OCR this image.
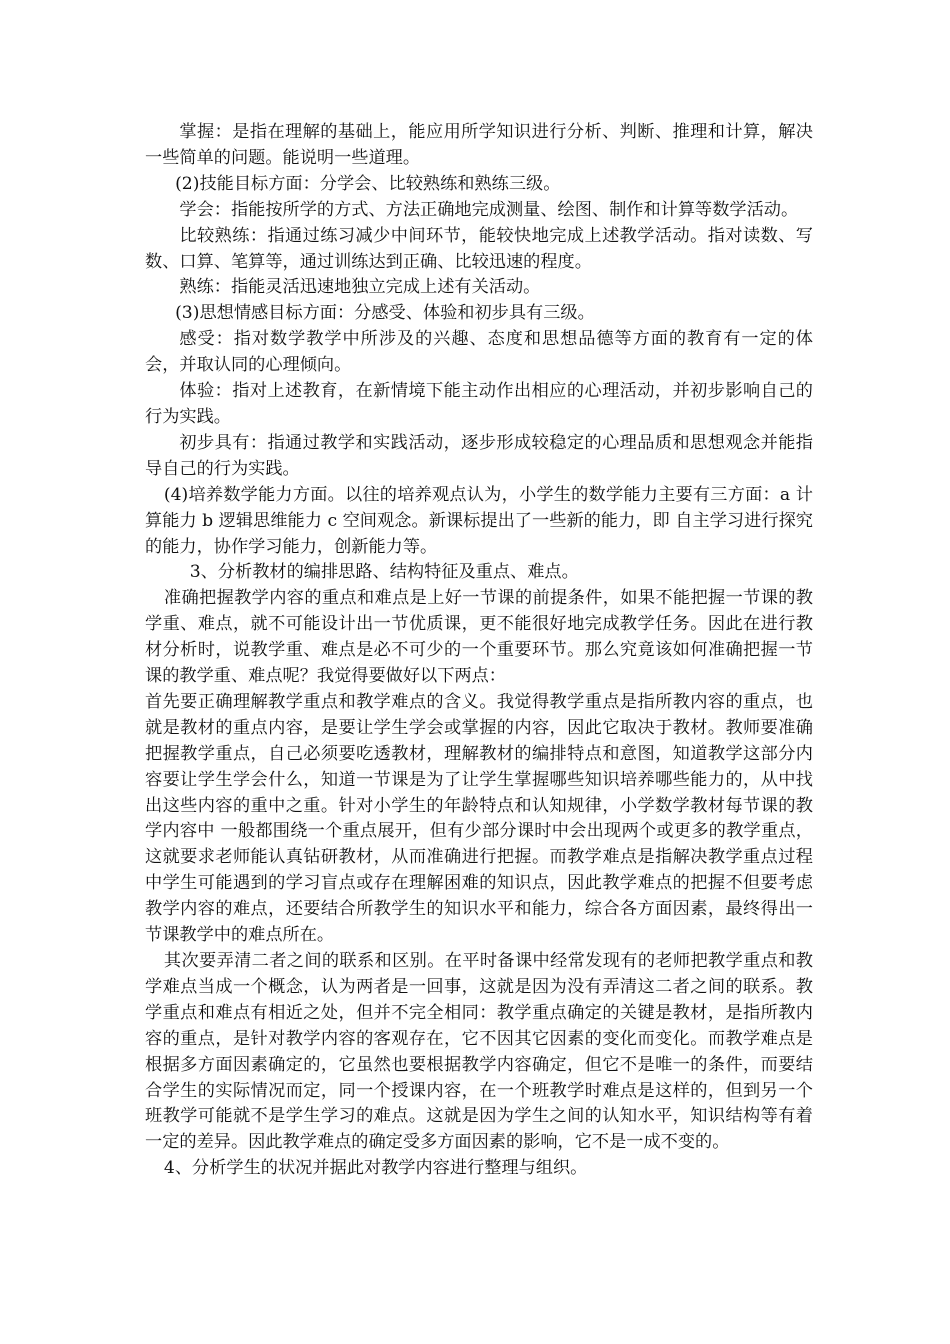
掌握：是指在理解的基础上，能应用所学知识进行分析、判断、推理和计算，解决一些简单的问题。能说明一些道理。

(2)技能目标方面：分学会、比较熟练和熟练三级。

学会：指能按所学的方式、方法正确地完成测量、绘图、制作和计算等数学活动。

比较熟练：指通过练习减少中间环节，能较快地完成上述教学活动。指对读数、写数、口算、笔算等，通过训练达到正确、比较迅速的程度。

熟练：指能灵活迅速地独立完成上述有关活动。

(3)思想情感目标方面：分感受、体验和初步具有三级。

感受：指对数学教学中所涉及的兴趣、态度和思想品德等方面的教育有一定的体会，并取认同的心理倾向。

体验：指对上述教育，在新情境下能主动作出相应的心理活动，并初步影响自己的行为实践。

初步具有：指通过教学和实践活动，逐步形成较稳定的心理品质和思想观念并能指导自己的行为实践。

(4)培养数学能力方面。以往的培养观点认为，小学生的数学能力主要有三方面：a 计算能力 b 逻辑思维能力 c 空间观念。新课标提出了一些新的能力，即 自主学习进行探究的能力，协作学习能力，创新能力等。

3、分析教材的编排思路、结构特征及重点、难点。

准确把握教学内容的重点和难点是上好一节课的前提条件，如果不能把握一节课的教学重、难点，就不可能设计出一节优质课，更不能很好地完成教学任务。因此在进行教材分析时，说教学重、难点是必不可少的一个重要环节。那么究竟该如何准确把握一节课的教学重、难点呢？我觉得要做好以下两点：

首先要正确理解教学重点和教学难点的含义。我觉得教学重点是指所教内容的重点，也就是教材的重点内容，是要让学生学会或掌握的内容，因此它取决于教材。教师要准确把握教学重点，自己必须要吃透教材，理解教材的编排特点和意图，知道教学这部分内容要让学生学会什么，知道一节课是为了让学生掌握哪些知识培养哪些能力的，从中找出这些内容的重中之重。针对小学生的年龄特点和认知规律，小学数学教材每节课的教学内容中 一般都围绕一个重点展开，但有少部分课时中会出现两个或更多的教学重点，这就要求老师能认真钻研教材，从而准确进行把握。而教学难点是指解决教学重点过程中学生可能遇到的学习盲点或存在理解困难的知识点，因此教学难点的把握不但要考虑教学内容的难点，还要结合所教学生的知识水平和能力，综合各方面因素，最终得出一节课教学中的难点所在。

其次要弄清二者之间的联系和区别。在平时备课中经常发现有的老师把教学重点和教学难点当成一个概念，认为两者是一回事，这就是因为没有弄清这二者之间的联系。教学重点和难点有相近之处，但并不完全相同：教学重点确定的关键是教材，是指所教内容的重点，是针对教学内容的客观存在，它不因其它因素的变化而变化。而教学难点是根据多方面因素确定的，它虽然也要根据教学内容确定，但它不是唯一的条件，而要结合学生的实际情况而定，同一个授课内容，在一个班教学时难点是这样的，但到另一个班教学可能就不是学生学习的难点。这就是因为学生之间的认知水平，知识结构等有着一定的差异。因此教学难点的确定受多方面因素的影响，它不是一成不变的。

4、分析学生的状况并据此对教学内容进行整理与组织。
